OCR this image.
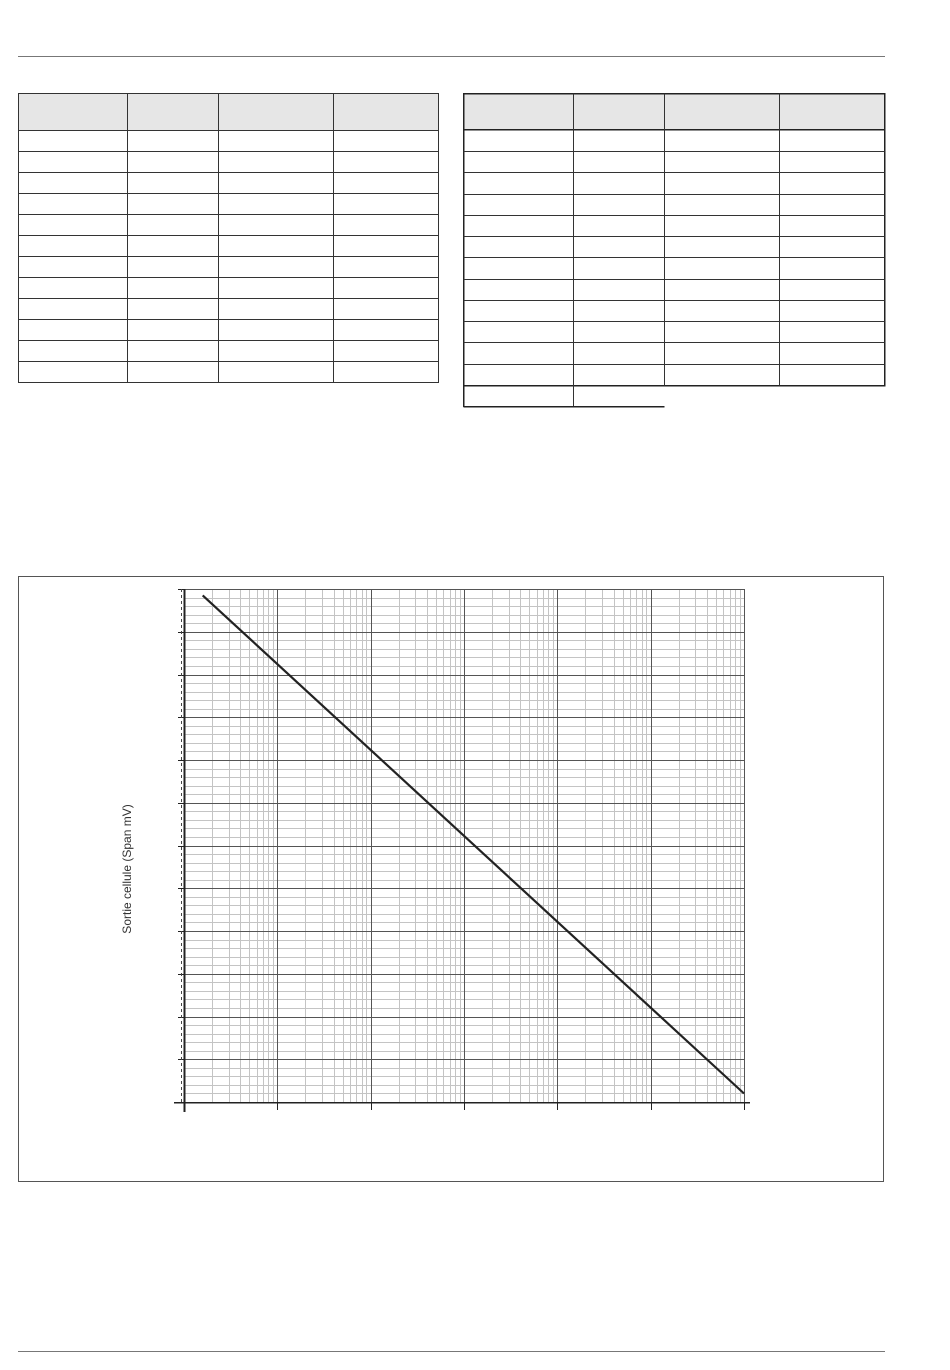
Sortie cellule (Span mV)
